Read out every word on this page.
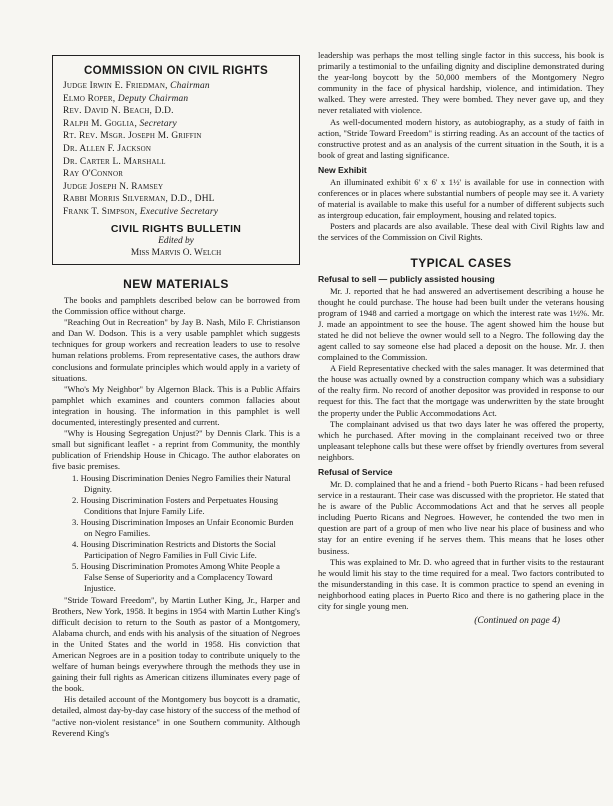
COMMISSION ON CIVIL RIGHTS
Judge Irwin E. Friedman, Chairman
Elmo Roper, Deputy Chairman
Rev. David N. Beach, D.D.
Ralph M. Goglia, Secretary
Rt. Rev. Msgr. Joseph M. Griffin
Dr. Allen F. Jackson
Dr. Carter L. Marshall
Ray O'Connor
Judge Joseph N. Ramsey
Rabbi Morris Silverman, D.D., DHL
Frank T. Simpson, Executive Secretary
CIVIL RIGHTS BULLETIN
Edited by
Miss Marvis O. Welch
NEW MATERIALS

The books and pamphlets described below can be borrowed from the Commission office without charge.

"Reaching Out in Recreation" by Jay B. Nash, Milo F. Christianson and Dan W. Dodson. This is a very usable pamphlet which suggests techniques for group workers and recreation leaders to use to resolve human relations problems. From representative cases, the authors draw conclusions and formulate principles which would apply in a variety of situations.

"Who's My Neighbor" by Algernon Black. This is a Public Affairs pamphlet which examines and counters common fallacies about integration in housing. The information in this pamphlet is well documented, interestingly presented and current.

"Why is Housing Segregation Unjust?" by Dennis Clark. This is a small but significant leaflet - a reprint from Community, the monthly publication of Friendship House in Chicago. The author elaborates on five basic premises.

1. Housing Discrimination Denies Negro Families their Natural Dignity.

2. Housing Discrimination Fosters and Perpetuates Housing Conditions that Injure Family Life.

3. Housing Discrimination Imposes an Unfair Economic Burden on Negro Families.

4. Housing Discrimination Restricts and Distorts the Social Participation of Negro Families in Full Civic Life.

5. Housing Discrimination Promotes Among White People a False Sense of Superiority and a Complacency Toward Injustice.

"Stride Toward Freedom", by Martin Luther King, Jr., Harper and Brothers, New York, 1958. It begins in 1954 with Martin Luther King's difficult decision to return to the South as pastor of a Montgomery, Alabama church, and ends with his analysis of the situation of Negroes in the United States and the world in 1958. His conviction that American Negroes are in a position today to contribute uniquely to the welfare of human beings everywhere through the methods they use in gaining their full rights as American citizens illuminates every page of the book.

His detailed account of the Montgomery bus boycott is a dramatic, detailed, almost day-by-day case history of the success of the method of "active non-violent resistance" in one Southern community. Although Reverend King's

leadership was perhaps the most telling single factor in this success, his book is primarily a testimonial to the unfailing dignity and discipline demonstrated during the year-long boycott by the 50,000 members of the Montgomery Negro community in the face of physical hardship, violence, and intimidation. They walked. They were arrested. They were bombed. They never gave up, and they never retaliated with violence.

As well-documented modern history, as autobiography, as a study of faith in action, "Stride Toward Freedom" is stirring reading. As an account of the tactics of constructive protest and as an analysis of the current situation in the South, it is a book of great and lasting significance.

New Exhibit

An illuminated exhibit 6' x 6' x 1½' is available for use in connection with conferences or in places where substantial numbers of people may see it. A variety of material is available to make this useful for a number of different subjects such as intergroup education, fair employment, housing and related topics.

Posters and placards are also available. These deal with Civil Rights law and the services of the Commission on Civil Rights.

TYPICAL CASES
Refusal to sell — publicly assisted housing

Mr. J. reported that he had answered an advertisement describing a house he thought he could purchase. The house had been built under the veterans housing program of 1948 and carried a mortgage on which the interest rate was 1½%. Mr. J. made an appointment to see the house. The agent showed him the house but stated he did not believe the owner would sell to a Negro. The following day the agent called to say someone else had placed a deposit on the house. Mr. J. then complained to the Commission.

A Field Representative checked with the sales manager. It was determined that the house was actually owned by a construction company which was a subsidiary of the realty firm. No record of another depositor was provided in response to our request for this. The fact that the mortgage was underwritten by the state brought the property under the Public Accommodations Act.

The complainant advised us that two days later he was offered the property, which he purchased. After moving in the complainant received two or three unpleasant telephone calls but these were offset by friendly overtures from several neighbors.

Refusal of Service

Mr. D. complained that he and a friend - both Puerto Ricans - had been refused service in a restaurant. Their case was discussed with the proprietor. He stated that he is aware of the Public Accommodations Act and that he serves all people including Puerto Ricans and Negroes. However, he contended the two men in question are part of a group of men who live near his place of business and who stay for an entire evening if he serves them. This means that he loses other business.

This was explained to Mr. D. who agreed that in further visits to the restaurant he would limit his stay to the time required for a meal. Two factors contributed to the misunderstanding in this case. It is common practice to spend an evening in neighborhood eating places in Puerto Rico and there is no gathering place in the city for single young men.

(Continued on page 4)
